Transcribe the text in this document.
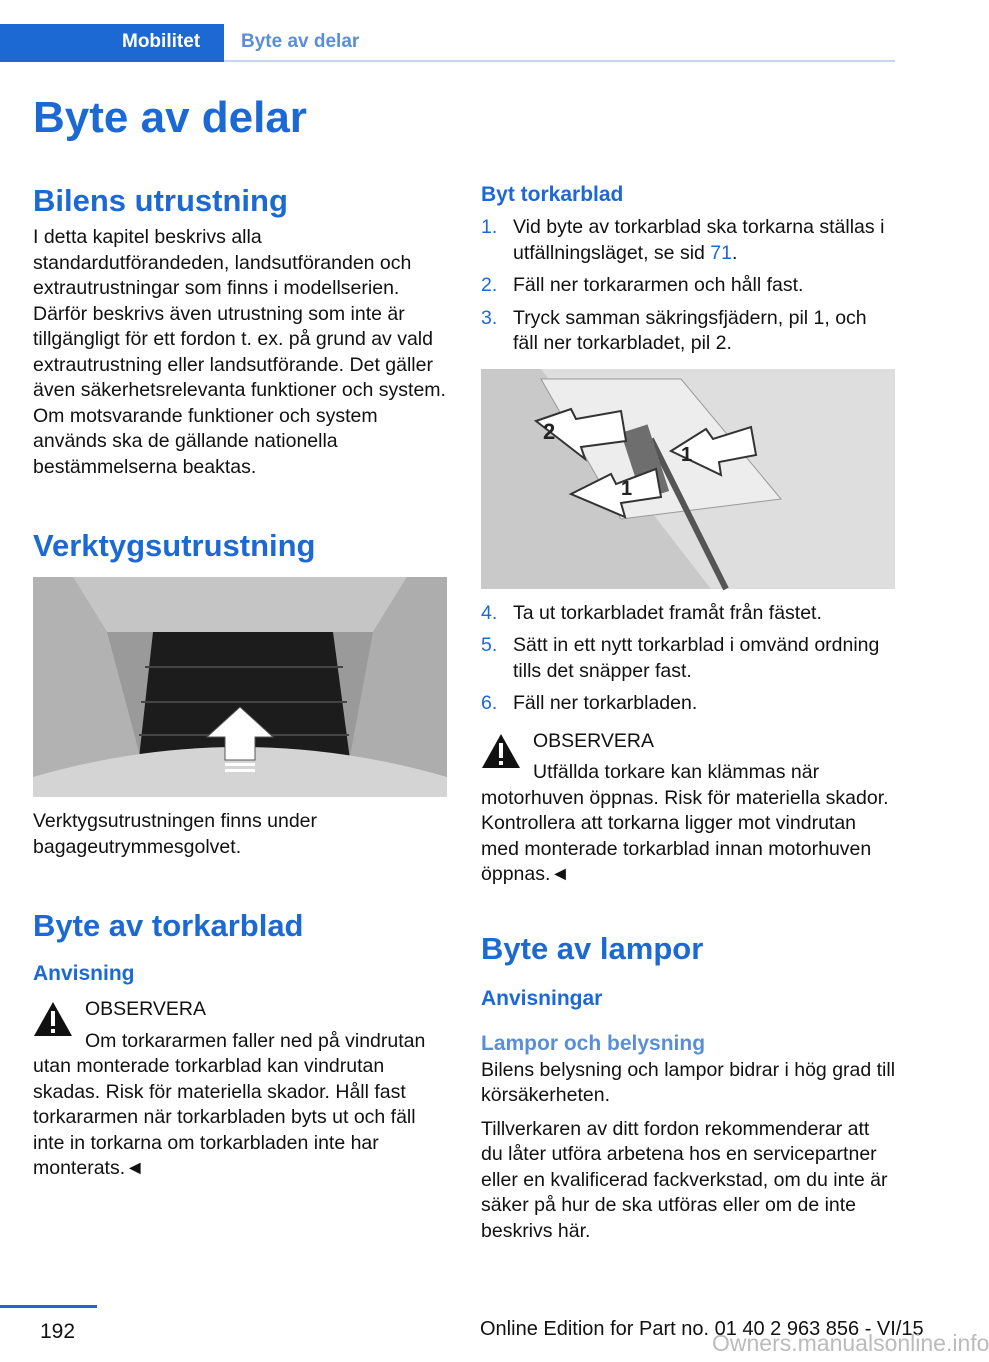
Mobilitet Byte av delar
Byte av delar
Bilens utrustning

I detta kapitel beskrivs alla standardutförandeden, landsutföranden och extrautrustningar som finns i modellserien. Därför beskrivs även utrustning som inte är tillgängligt för ett fordon t. ex. på grund av vald extrautrustning eller landsutförande. Det gäller även säkerhetsrelevanta funktioner och system. Om motsvarande funktioner och system används ska de gällande nationella bestämmelserna beaktas.

Verktygsutrustning

Verktygsutrustningen finns under bagageutrymmesgolvet.

Byte av torkarblad
Anvisning

OBSERVERA

Om torkararmen faller ned på vindrutan utan monterade torkarblad kan vindrutan skadas. Risk för materiella skador. Håll fast torkararmen när torkarbladen byts ut och fäll inte in torkarna om torkarbladen inte har monterats.◄

Byt torkarblad
1. Vid byte av torkarblad ska torkarna ställas i utfällningsläget, se sid 71.
2. Fäll ner torkararmen och håll fast.
3. Tryck samman säkringsfjädern, pil 1, och fäll ner torkarbladet, pil 2.
2
1
1
4. Ta ut torkarbladet framåt från fästet.
5. Sätt in ett nytt torkarblad i omvänd ordning tills det snäpper fast.
6. Fäll ner torkarbladen.

OBSERVERA

Utfällda torkare kan klämmas när motorhuven öppnas. Risk för materiella skador. Kontrollera att torkarna ligger mot vindrutan med monterade torkarblad innan motorhuven öppnas.◄

Byte av lampor
Anvisningar
Lampor och belysning

Bilens belysning och lampor bidrar i hög grad till körsäkerheten.

Tillverkaren av ditt fordon rekommenderar att du låter utföra arbetena hos en servicepartner eller en kvalificerad fackverkstad, om du inte är säker på hur de ska utföras eller om de inte beskrivs här.

192	Online Edition for Part no. 01 40 2 963 856 - VI/15
Owners.manualsonline.info
